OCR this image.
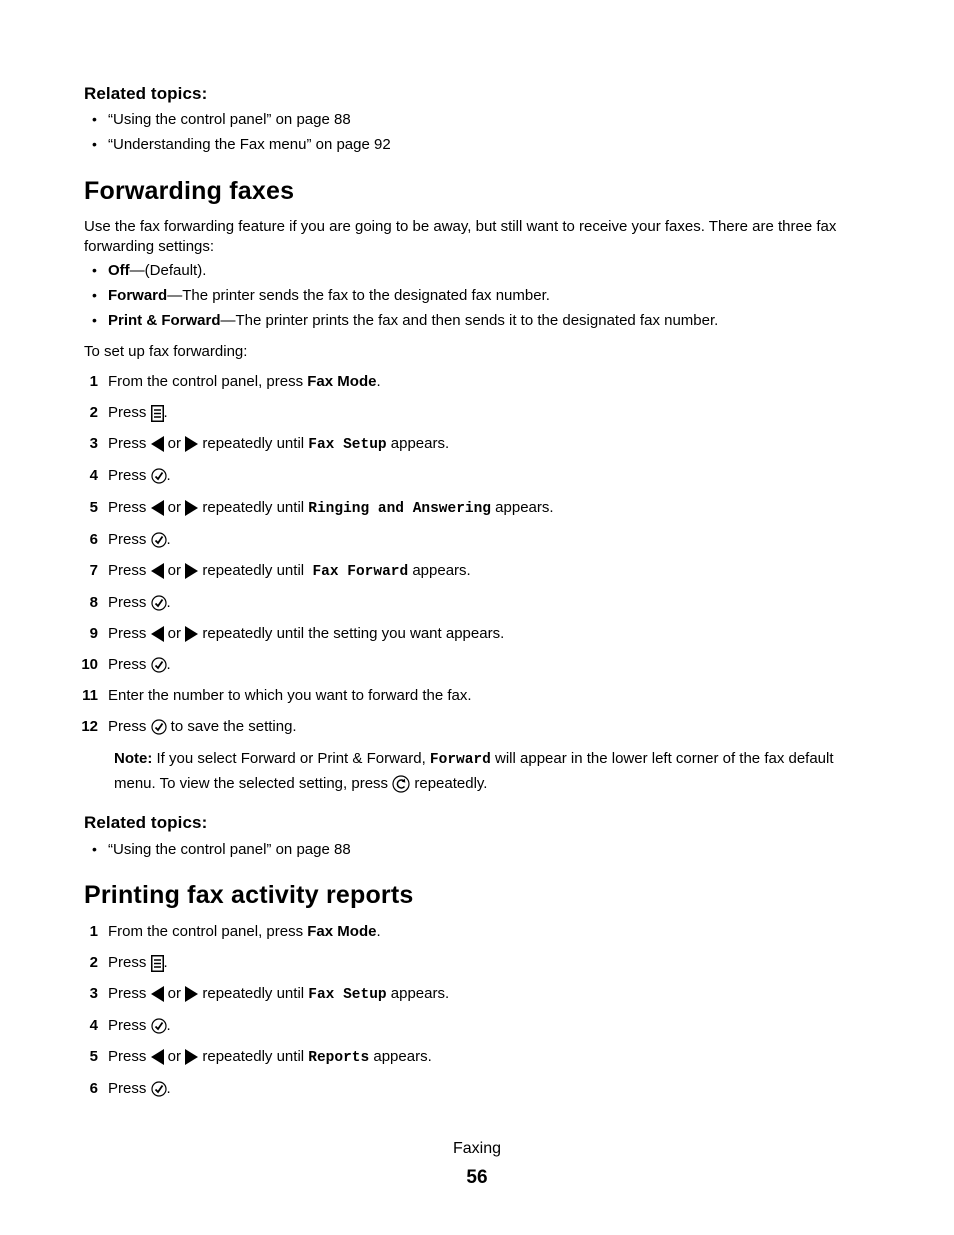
Related topics:
• “Using the control panel” on page 88
• “Understanding the Fax menu” on page 92
Forwarding faxes
Use the fax forwarding feature if you are going to be away, but still want to receive your faxes. There are three fax forwarding settings:
• Off—(Default).
• Forward—The printer sends the fax to the designated fax number.
• Print & Forward—The printer prints the fax and then sends it to the designated fax number.
To set up fax forwarding:
1 From the control panel, press Fax Mode.
2 Press .
3 Press  or  repeatedly until Fax Setup appears.
4 Press .
5 Press  or  repeatedly until Ringing and Answering appears.
6 Press .
7 Press  or  repeatedly until  Fax Forward appears.
8 Press .
9 Press  or  repeatedly until the setting you want appears.
10 Press .
11 Enter the number to which you want to forward the fax.
12 Press  to save the setting.
Note: If you select Forward or Print & Forward, Forward will appear in the lower left corner of the fax default menu. To view the selected setting, press  repeatedly.
Related topics:
• “Using the control panel” on page 88
Printing fax activity reports
1 From the control panel, press Fax Mode.
2 Press .
3 Press  or  repeatedly until Fax Setup appears.
4 Press .
5 Press  or  repeatedly until Reports appears.
6 Press .
Faxing
56
